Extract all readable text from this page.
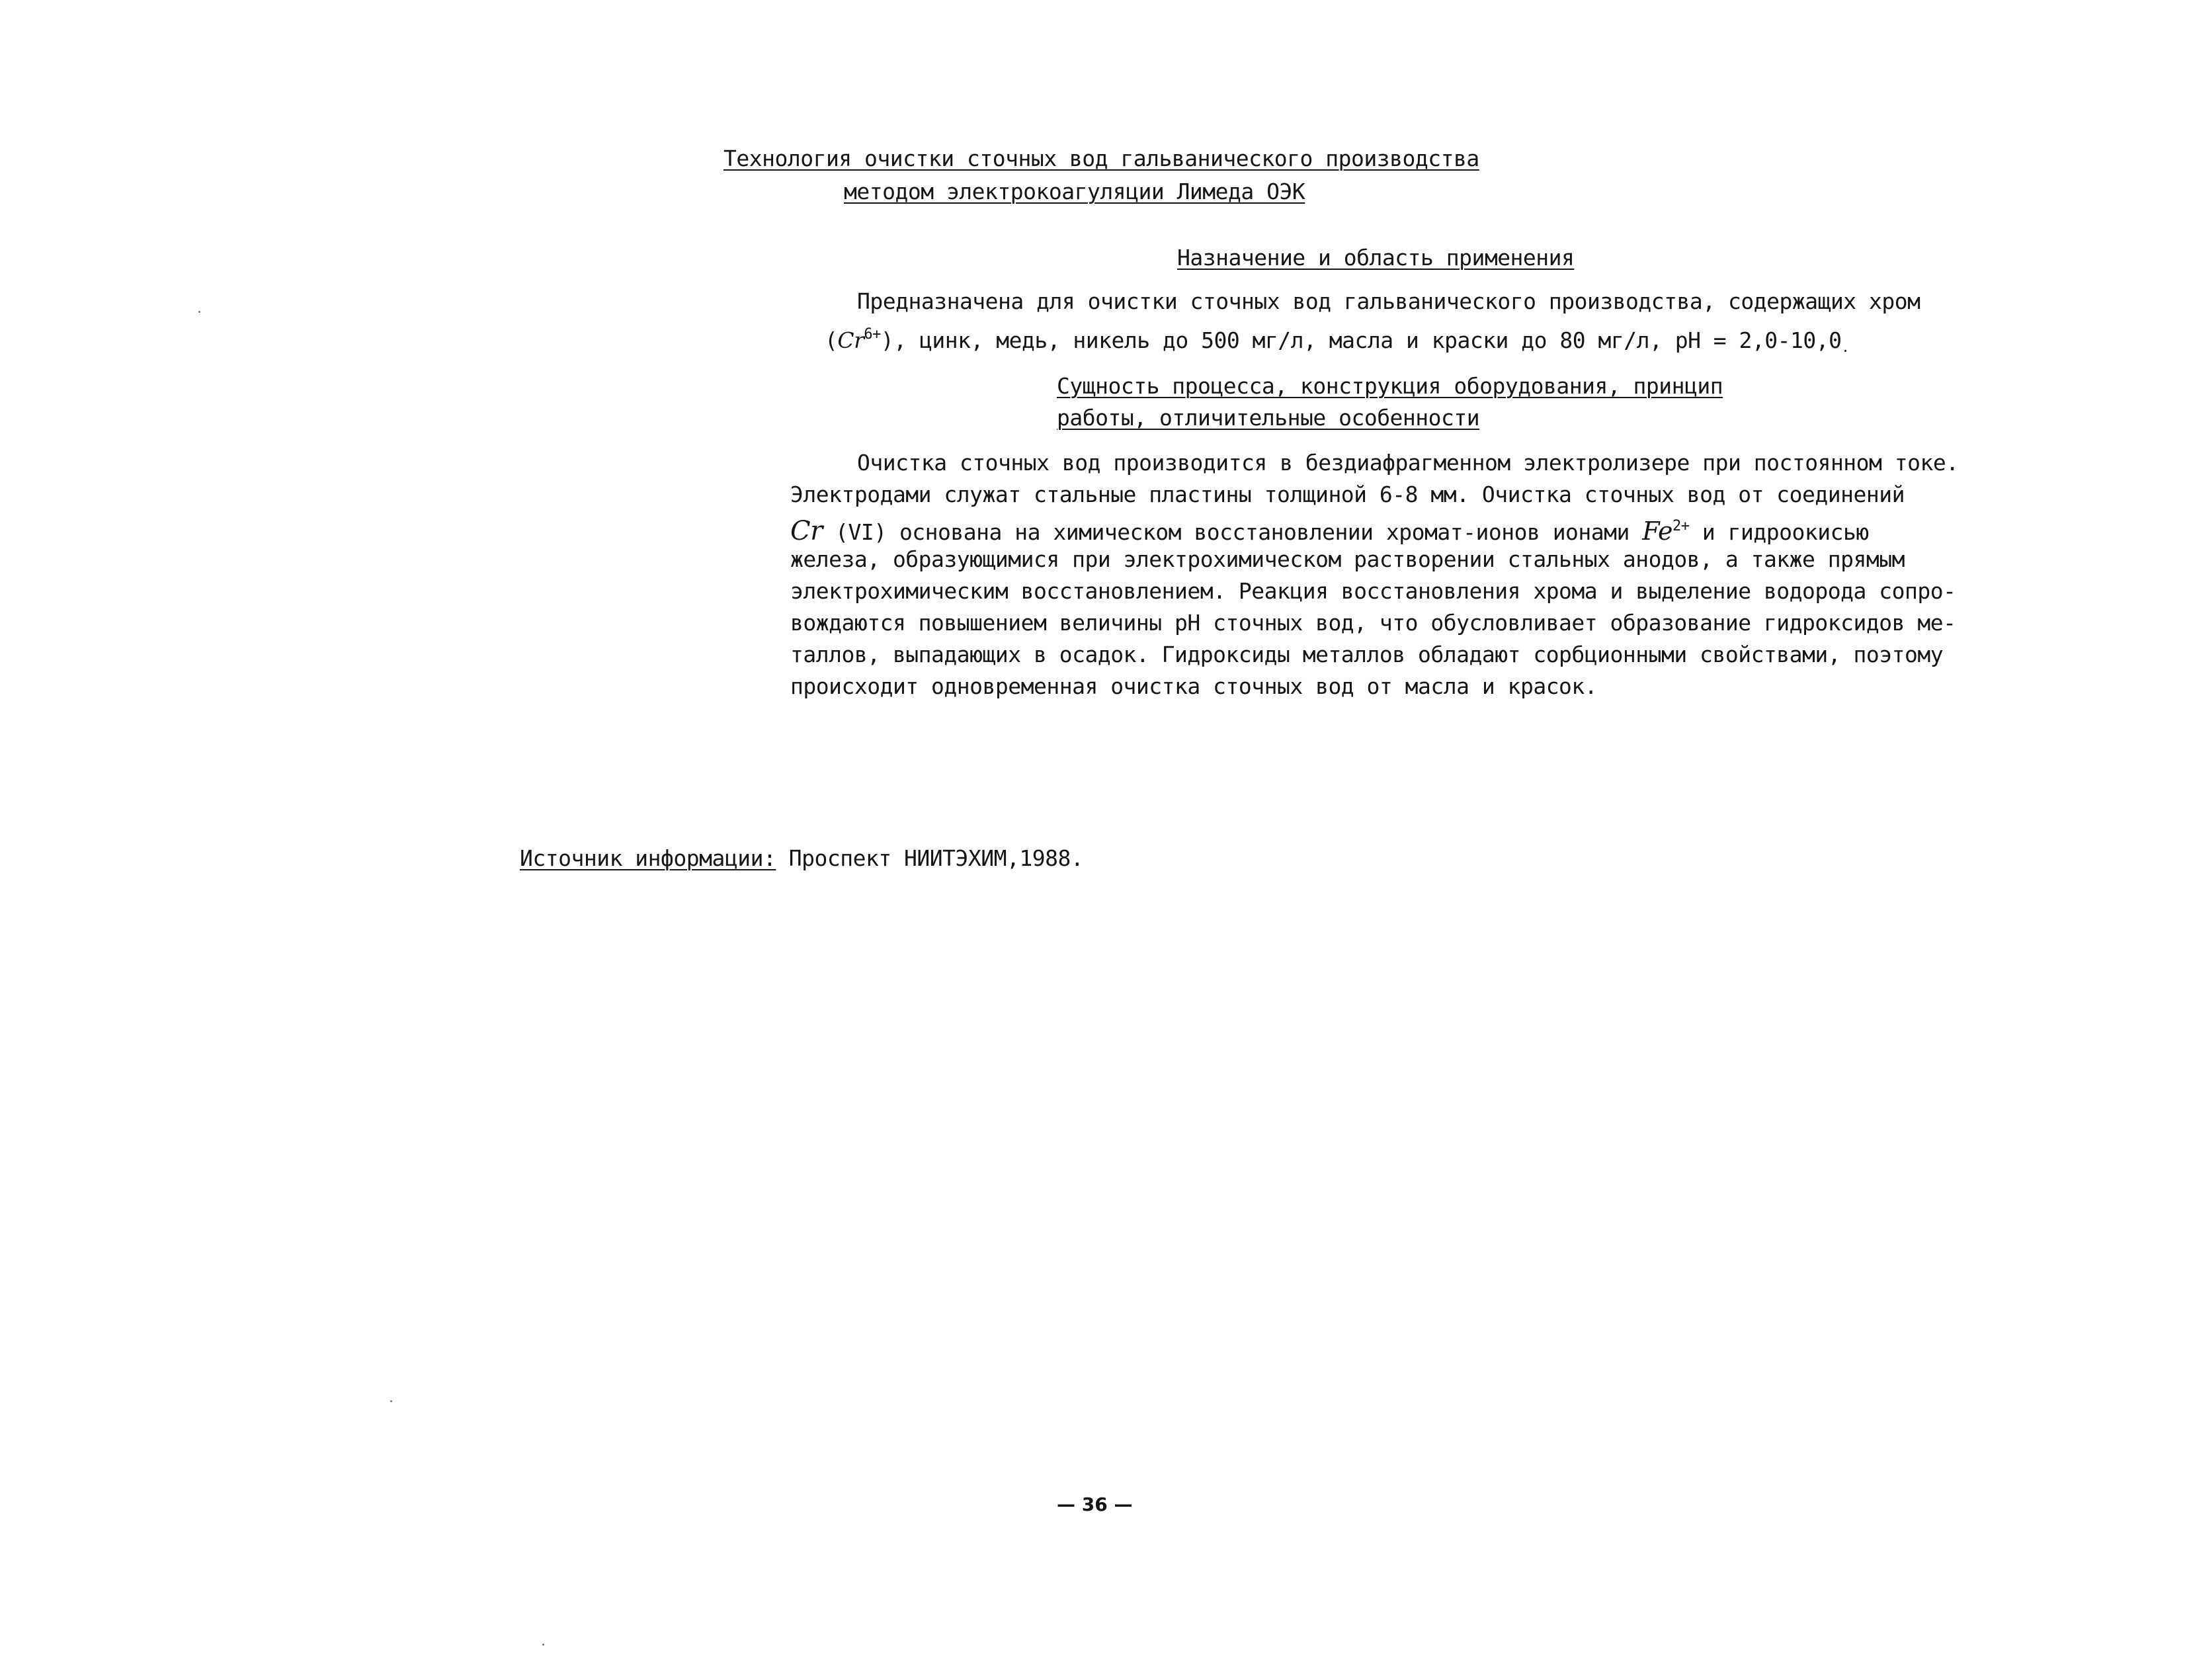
Технология очистки сточных вод гальванического производства
методом электрокоагуляции Лимеда ОЭК
Назначение и область применения
Предназначена для очистки сточных вод гальванического производства, содержащих хром
$(Cr^{6+})$, цинк, медь, никель до 500 мг/л, масла и краски до 80 мг/л, pH = $2,0-10,0_.$
Сущность процесса, конструкция оборудования, принцип
работы, отличительные особенности
Очистка сточных вод производится в бездиафрагменном электролизере при постоянном токе.
Электродами служат стальные пластины толщиной 6-8 мм. Очистка сточных вод от соединений
Cr (VI) основана на химическом восстановлении хромат-ионов ионами $Fe^{2+}$ и гидроокисью
железа, образующимися при электрохимическом растворении стальных анодов, а также прямым
электрохимическим восстановлением. Реакция восстановления хрома и выделение водорода сопро-
вождаются повышением величины pH сточных вод, что обусловливает образование гидроксидов ме-
таллов, выпадающих в осадок. Гидроксиды металлов обладают сорбционными свойствами, поэтому
происходит одновременная очистка сточных вод от масла и красок.
Источник информации: Проспект НИИТЭХИМ,1988.
— 36 —
